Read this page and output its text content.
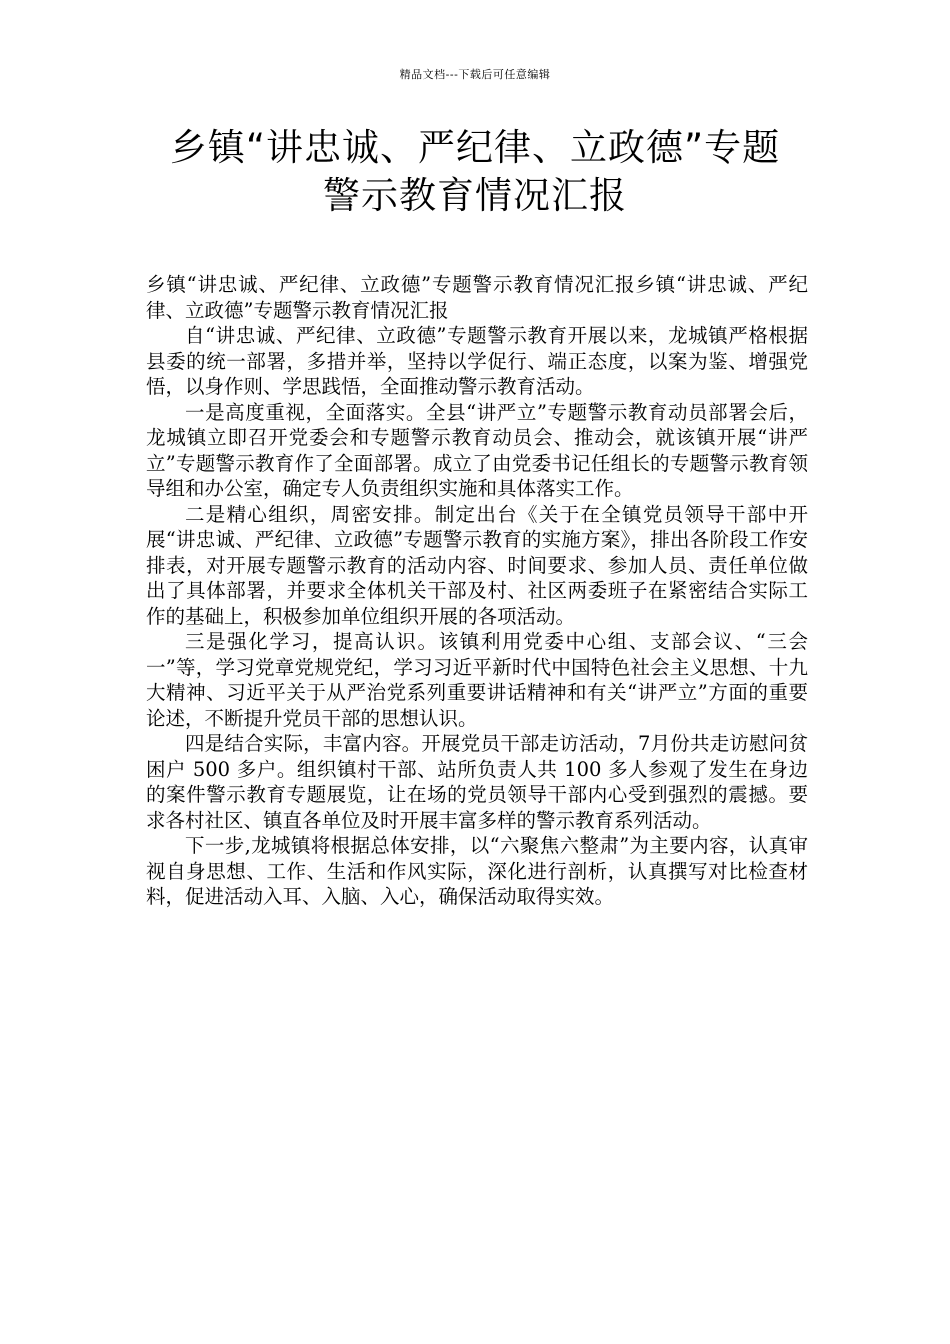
精品文档---下载后可任意编辑
乡镇“讲忠诚、严纪律、立政德”专题
警示教育情况汇报

乡镇“讲忠诚、严纪律、立政德”专题警示教育情况汇报乡镇“讲忠诚、严纪律、立政德”专题警示教育情况汇报

自“讲忠诚、严纪律、立政德”专题警示教育开展以来，龙城镇严格根据县委的统一部署，多措并举，坚持以学促行、端正态度，以案为鉴、增强党悟，以身作则、学思践悟，全面推动警示教育活动。

一是高度重视，全面落实。全县“讲严立”专题警示教育动员部署会后，龙城镇立即召开党委会和专题警示教育动员会、推动会，就该镇开展“讲严立”专题警示教育作了全面部署。成立了由党委书记任组长的专题警示教育领导组和办公室，确定专人负责组织实施和具体落实工作。

二是精心组织，周密安排。制定出台《关于在全镇党员领导干部中开展“讲忠诚、严纪律、立政德”专题警示教育的实施方案》，排出各阶段工作安排表，对开展专题警示教育的活动内容、时间要求、参加人员、责任单位做出了具体部署，并要求全体机关干部及村、社区两委班子在紧密结合实际工作的基础上，积极参加单位组织开展的各项活动。

三是强化学习，提高认识。该镇利用党委中心组、支部会议、“三会一”等，学习党章党规党纪，学习习近平新时代中国特色社会主义思想、十九大精神、习近平关于从严治党系列重要讲话精神和有关“讲严立”方面的重要论述，不断提升党员干部的思想认识。

四是结合实际，丰富内容。开展党员干部走访活动，7月份共走访慰问贫困户 500 多户。组织镇村干部、站所负责人共 100 多人参观了发生在身边的案件警示教育专题展览，让在场的党员领导干部内心受到强烈的震撼。要求各村社区、镇直各单位及时开展丰富多样的警示教育系列活动。

下一步,龙城镇将根据总体安排，以“六聚焦六整肃”为主要内容，认真审视自身思想、工作、生活和作风实际，深化进行剖析，认真撰写对比检查材料，促进活动入耳、入脑、入心，确保活动取得实效。
